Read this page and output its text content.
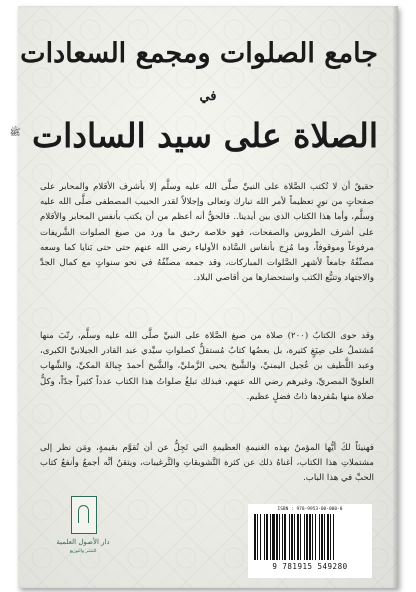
جامع الصلوات ومجمع السعادات
في
الصلاة على سيد السادات $^ﷺ$

حقيقٌ أن لا تُكتب الصَّلاة على النبيِّ صلَّى الله عليه وسلَّم إلا بأشرف الأقلام والمحابر على صفحاتٍ من نورٍ تعظيماً لأمر الله تبارك وتعالى وإجلالاً لقدر الحبيب المصطفى صلَّى الله عليه وسلَّم، وأما هذا الكتاب الذي بين أيدينا.. فالحقُّ أنه أعظم من أن يكتب بأنفس المحابر والأقلام على أشرف الطروس والصفحات، فهو خلاصة رحيق ما ورد من صيغ الصلوات الشَّريفات مرفوعاً وموقوفاً، وما مُزِج بأنفاس السَّادة الأولياء رضي الله عنهم حتى حتى بَنايا كما وسعه مصنِّفُهُ جامعاً لأشهر الصَّلوات المباركات، وقد جمعه مصنِّفُهُ في نحو سنواتٍ مع كمال الجدِّ والاجتهاد وتتبُّع الكتب واستحضارها من أقاصي البلاد.

وقد حوى الكتابُ (٢٠٠) صلاة من صيغ الصَّلاة على النبيِّ صلَّى الله عليه وسلَّم، رتّبَ منها مُشتملٌ على صِيَغٍ كثيرة، بل بعضُها كتابٌ مُستقلٌّ كصلواتِ سيِّدي عبد القادر الجيلانيِّ الكبرى، وعبد اللَّطيف بن عُجيل اليمنيِّ، والشَّيخ يحيى الزَّمليِّ، والشَّيخ أحمدَ جِبالةَ المكيِّ، والشِّهاب العلويِّ المصريِّ، وغيرهم رضي الله عنهم، فبذلك تبلغُ صلواتُ هذا الكتاب عدداً كثيراً جدّاً، وكلُّ صلاة منها بمُفردها ذاتُ فضلٍ عظيم.

فهنيئاً لكَ أيُّها المؤمنُ بهذه الغنيمةِ العظيمةِ التي تَجِلُّ عن أن تُقوَّم بقيمةٍ، ومَن نظر إلى مشتملاتِ هذا الكتاب، أغناهُ ذلك عن كثرة التَّشويقاتِ والتَّرغيبات، ويتقنُ أنَّه أجمعُ وأنفعُ كتاب الحبِّ في هذا الباب.

دار الأصول العلمية
للنشر والتوزيع
ISBN : 978-9953-00-000-0
9 781915 549280
